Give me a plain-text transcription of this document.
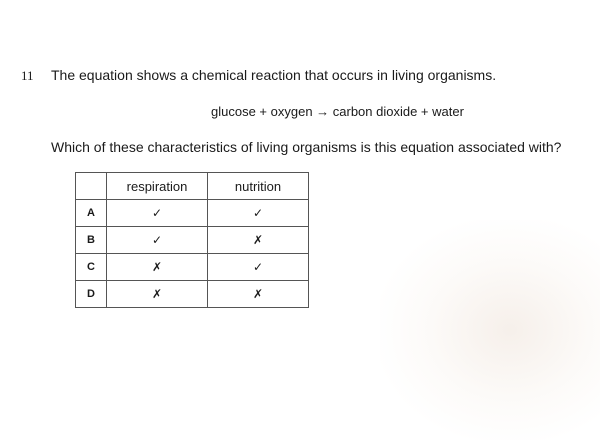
11 The equation shows a chemical reaction that occurs in living organisms.
glucose + oxygen → carbon dioxide + water
Which of these characteristics of living organisms is this equation associated with?
	respiration	nutrition
A	✓	✓
B	✓	✗
C	✗	✓
D	✗	✗
